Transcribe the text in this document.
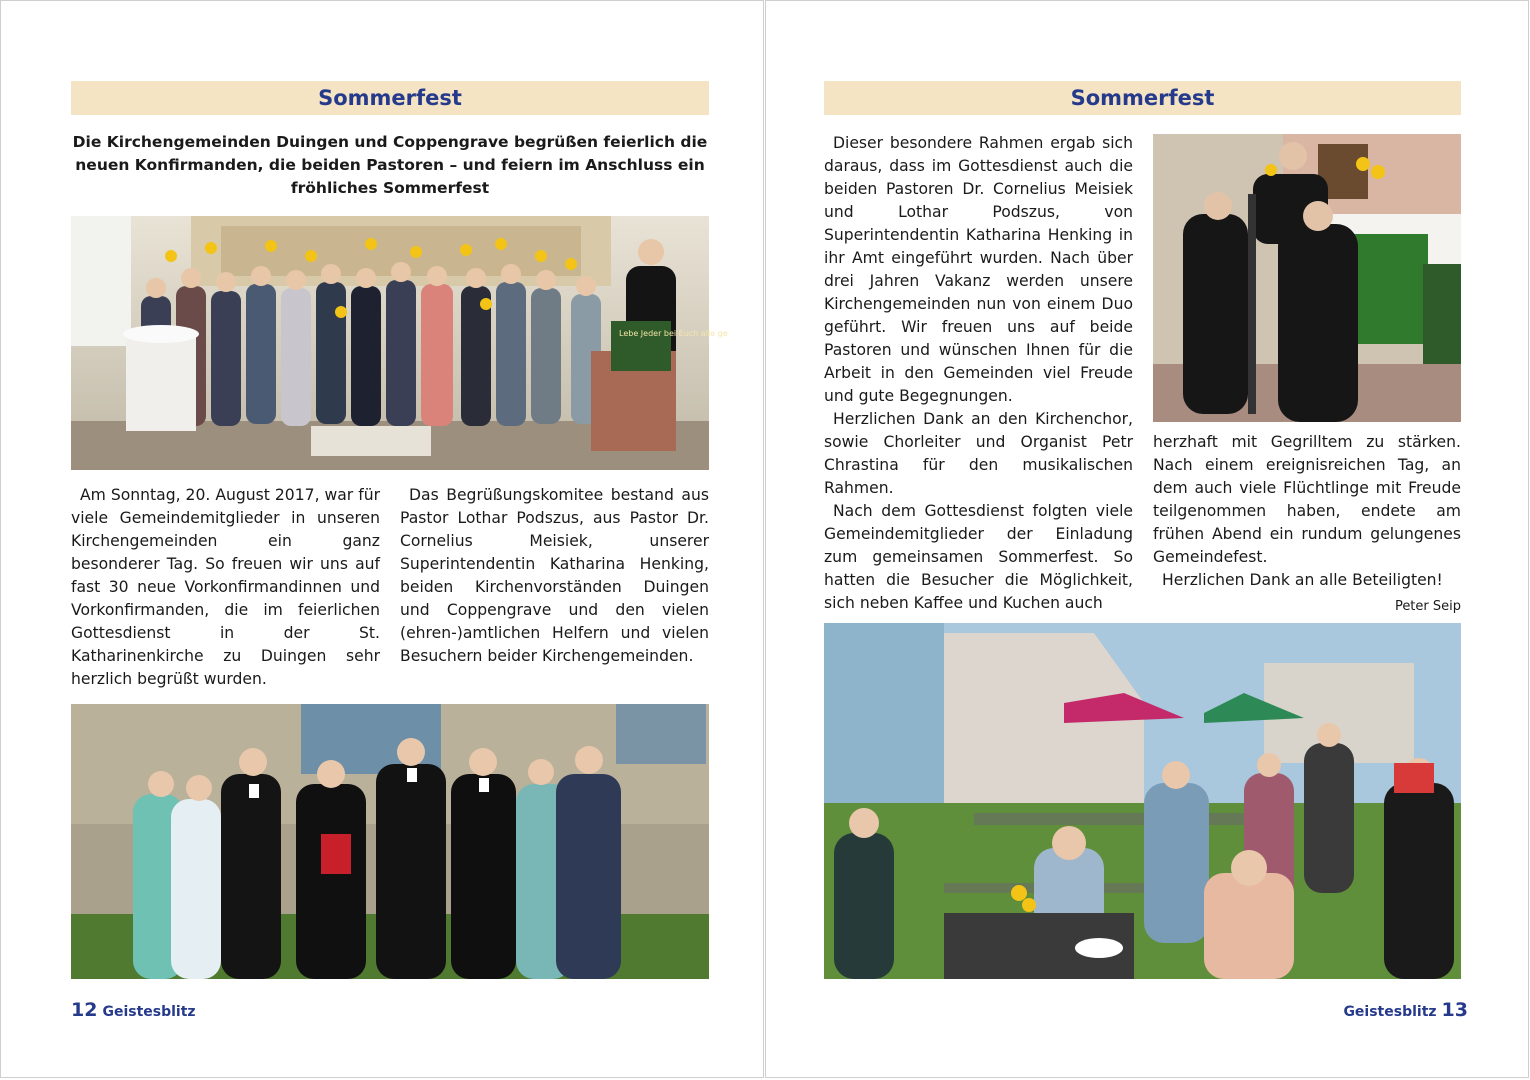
Sommerfest
Die Kirchengemeinden Duingen und Coppengrave begrüßen feierlich die neuen Konfirmanden, die beiden Pastoren – und feiern im Anschluss ein fröhliches Sommerfest
Lebe Jeder bei Euch alle ge

Am Sonntag, 20. August 2017, war für viele Gemeindemitglieder in unseren Kirchengemeinden ein ganz besonderer Tag. So freuen wir uns auf fast 30 neue Vorkonfirmandinnen und Vorkonfirmanden, die im feierlichen Gottesdienst in der St. Katharinenkirche zu Duingen sehr herzlich begrüßt wurden.

Das Begrüßungskomitee bestand aus Pastor Lothar Podszus, aus Pastor Dr. Cornelius Meisiek, unserer Superintendentin Katharina Henking, beiden Kirchenvorständen Duingen und Coppengrave und den vielen (ehren-)amtlichen Helfern und vielen Besuchern beider Kirchengemeinden.

12 Geistesblitz
Sommerfest

Dieser besondere Rahmen ergab sich daraus, dass im Gottesdienst auch die beiden Pastoren Dr. Cornelius Meisiek und Lothar Podszus, von Superintendentin Katharina Henking in ihr Amt eingeführt wurden. Nach über drei Jahren Vakanz werden unsere Kirchengemeinden nun von einem Duo geführt. Wir freuen uns auf beide Pastoren und wünschen Ihnen für die Arbeit in den Gemeinden viel Freude und gute Begegnungen.

Herzlichen Dank an den Kirchenchor, sowie Chorleiter und Organist Petr Chrastina für den musikalischen Rahmen.

Nach dem Gottesdienst folgten viele Gemeindemitglieder der Einladung zum gemeinsamen Sommerfest. So hatten die Besucher die Möglichkeit, sich neben Kaffee und Kuchen auch

herzhaft mit Gegrilltem zu stärken. Nach einem ereignisreichen Tag, an dem auch viele Flüchtlinge mit Freude teilgenommen haben, endete am frühen Abend ein rundum gelungenes Gemeindefest.

Herzlichen Dank an alle Beteiligten!
Peter Seip

Geistesblitz 13
